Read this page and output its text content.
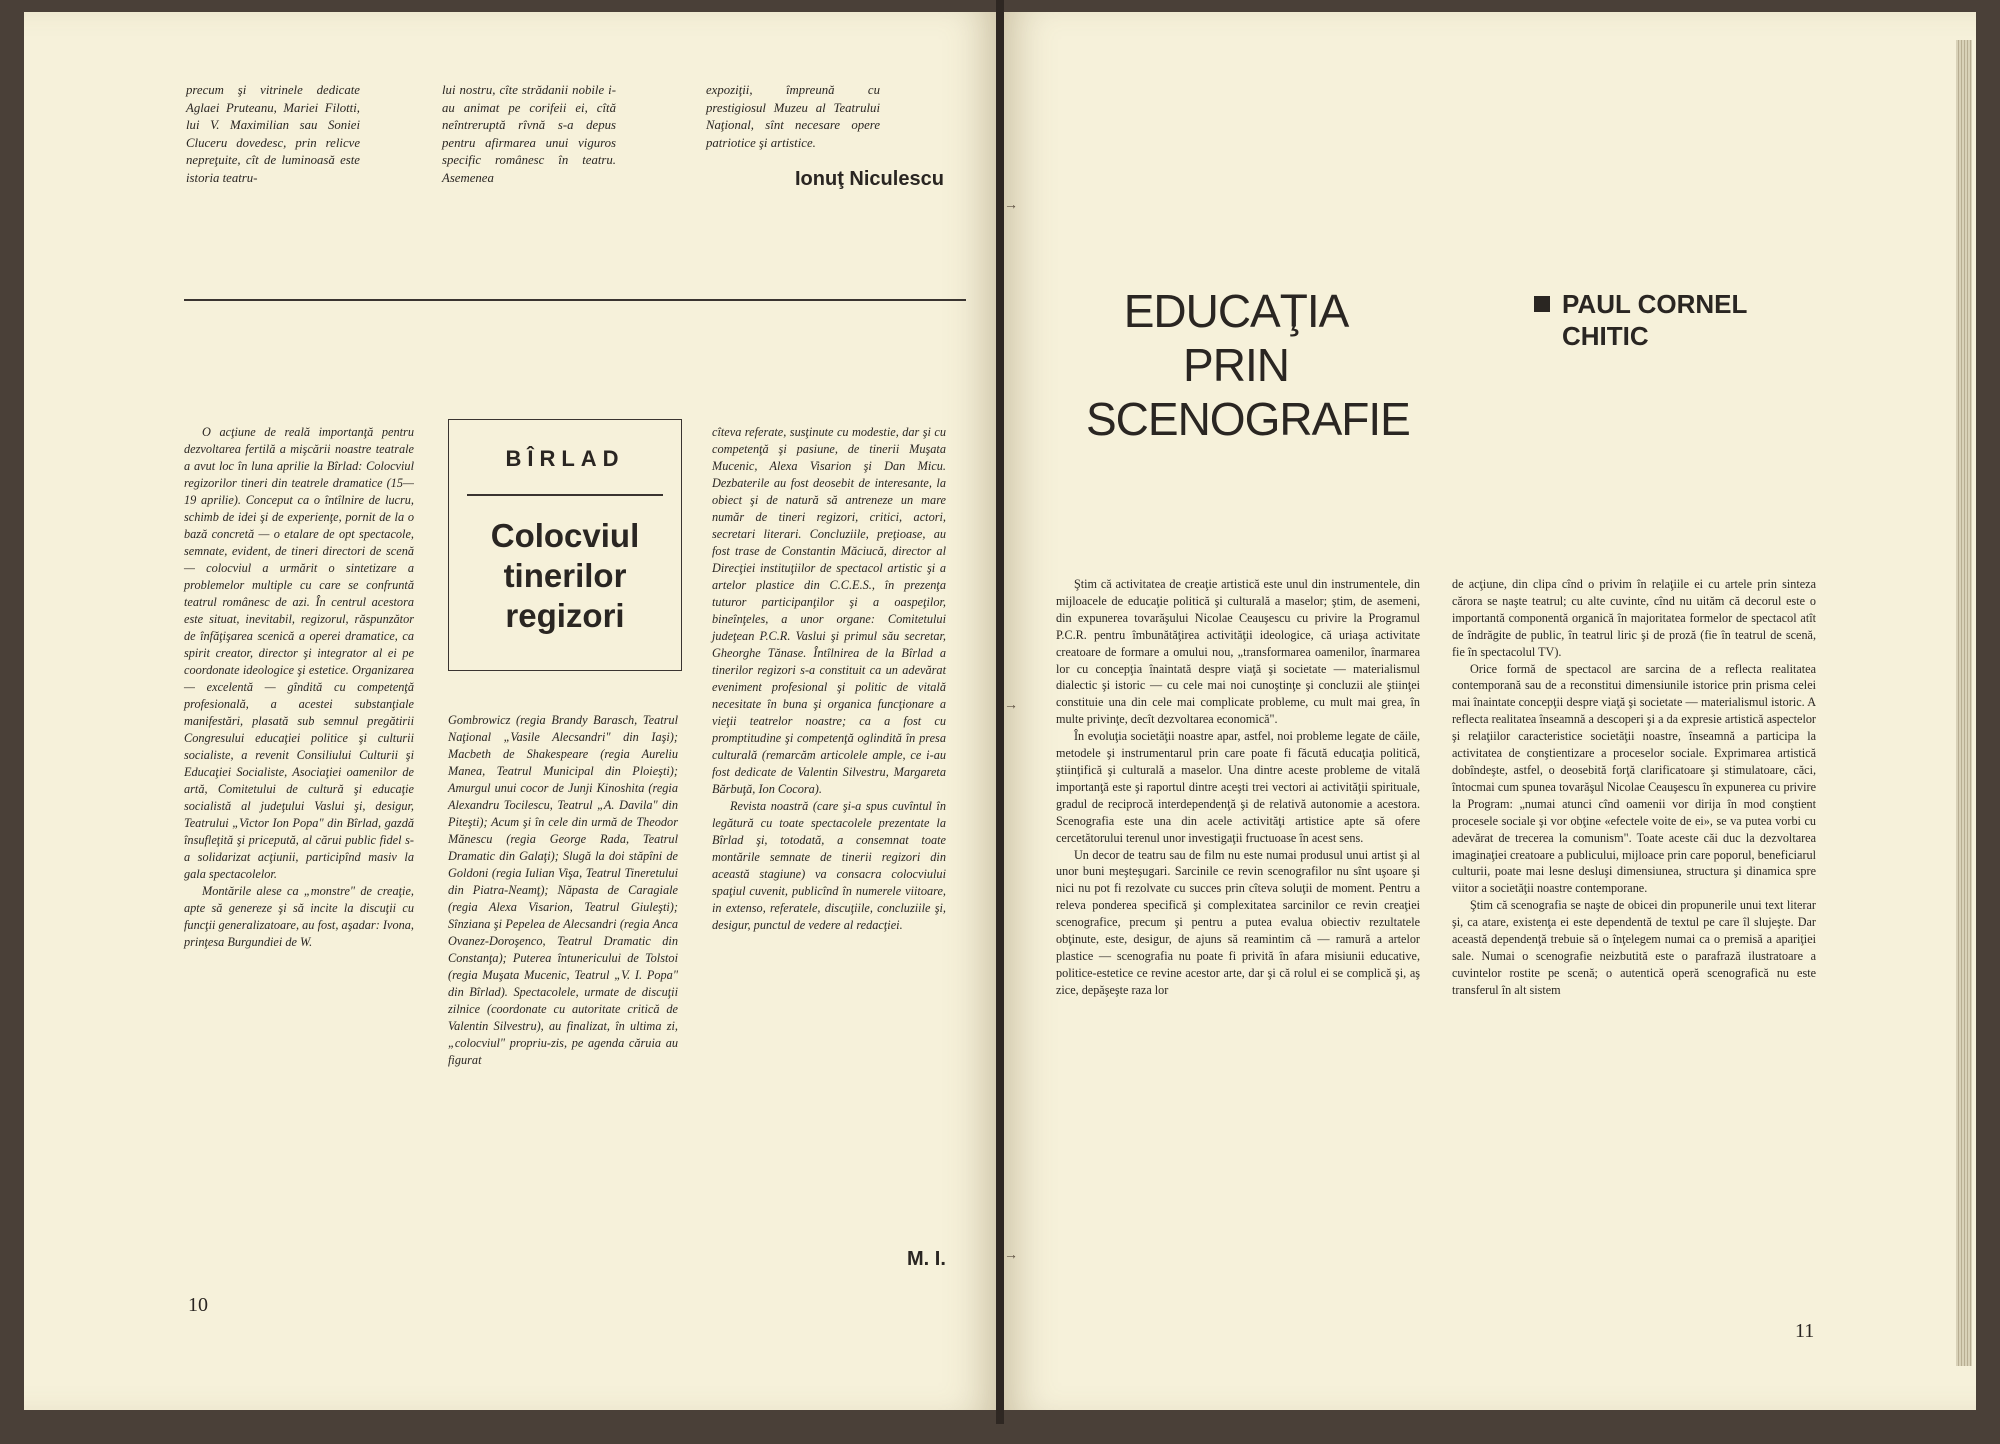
precum şi vitrinele dedicate Aglaei Pruteanu, Mariei Filotti, lui V. Maximilian sau Soniei Cluceru dovedesc, prin relicve nepreţuite, cît de luminoasă este istoria teatru-

lui nostru, cîte strădanii nobile i-au animat pe corifeii ei, cîtă neîntreruptă rîvnă s-a depus pentru afirmarea unui viguros specific românesc în teatru. Asemenea

expoziţii, împreună cu prestigiosul Muzeu al Teatrului Naţional, sînt necesare opere patriotice şi artistice.

Ionuţ Niculescu

O acţiune de reală importanţă pentru dezvoltarea fertilă a mişcării noastre teatrale a avut loc în luna aprilie la Bîrlad: Colocviul regizorilor tineri din teatrele dramatice (15—19 aprilie). Conceput ca o întîlnire de lucru, schimb de idei şi de experienţe, pornit de la o bază concretă — o etalare de opt spectacole, semnate, evident, de tineri directori de scenă — colocviul a urmărit o sintetizare a problemelor multiple cu care se confruntă teatrul românesc de azi. În centrul acestora este situat, inevitabil, regizorul, răspunzător de înfăţişarea scenică a operei dramatice, ca spirit creator, director şi integrator al ei pe coordonate ideologice şi estetice. Organizarea — excelentă — gîndită cu competenţă profesională, a acestei substanţiale manifestări, plasată sub semnul pregătirii Congresului educaţiei politice şi culturii socialiste, a revenit Consiliului Culturii şi Educaţiei Socialiste, Asociaţiei oamenilor de artă, Comitetului de cultură şi educaţie socialistă al judeţului Vaslui şi, desigur, Teatrului „Victor Ion Popa" din Bîrlad, gazdă însufleţită şi pricepută, al cărui public fidel s-a solidarizat acţiunii, participînd masiv la gala spectacolelor.

Montările alese ca „monstre" de creaţie, apte să genereze şi să incite la discuţii cu funcţii generalizatoare, au fost, aşadar: Ivona, prinţesa Burgundiei de W.

BÎRLAD
Colocviul
tinerilor
regizori

Gombrowicz (regia Brandy Barasch, Teatrul Naţional „Vasile Alecsandri" din Iaşi); Macbeth de Shakespeare (regia Aureliu Manea, Teatrul Municipal din Ploieşti); Amurgul unui cocor de Junji Kinoshita (regia Alexandru Tocilescu, Teatrul „A. Davila" din Piteşti); Acum şi în cele din urmă de Theodor Mănescu (regia George Rada, Teatrul Dramatic din Galaţi); Slugă la doi stăpîni de Goldoni (regia Iulian Vişa, Teatrul Tineretului din Piatra-Neamţ); Năpasta de Caragiale (regia Alexa Visarion, Teatrul Giuleşti); Sînziana şi Pepelea de Alecsandri (regia Anca Ovanez-Doroşenco, Teatrul Dramatic din Constanţa); Puterea întunericului de Tolstoi (regia Muşata Mucenic, Teatrul „V. I. Popa" din Bîrlad). Spectacolele, urmate de discuţii zilnice (coordonate cu autoritate critică de Valentin Silvestru), au finalizat, în ultima zi, „colocviul" propriu-zis, pe agenda căruia au figurat

cîteva referate, susţinute cu modestie, dar şi cu competenţă şi pasiune, de tinerii Muşata Mucenic, Alexa Visarion şi Dan Micu. Dezbaterile au fost deosebit de interesante, la obiect şi de natură să antreneze un mare număr de tineri regizori, critici, actori, secretari literari. Concluziile, preţioase, au fost trase de Constantin Măciucă, director al Direcţiei instituţiilor de spectacol artistic şi a artelor plastice din C.C.E.S., în prezenţa tuturor participanţilor şi a oaspeţilor, bineînţeles, a unor organe: Comitetului judeţean P.C.R. Vaslui şi primul său secretar, Gheorghe Tănase. Întîlnirea de la Bîrlad a tinerilor regizori s-a constituit ca un adevărat eveniment profesional şi politic de vitală necesitate în buna şi organica funcţionare a vieţii teatrelor noastre; ca a fost cu promptitudine şi competenţă oglindită în presa culturală (remarcăm articolele ample, ce i-au fost dedicate de Valentin Silvestru, Margareta Bărbuţă, Ion Cocora).

Revista noastră (care şi-a spus cuvîntul în legătură cu toate spectacolele prezentate la Bîrlad şi, totodată, a consemnat toate montările semnate de tinerii regizori din această stagiune) va consacra colocviului spaţiul cuvenit, publicînd în numerele viitoare, in extenso, referatele, discuţiile, concluziile şi, desigur, punctul de vedere al redacţiei.

M. I.
10
→
→
→
EDUCAŢIA
PRIN
SCENOGRAFIE
PAUL CORNEL
CHITIC

Ştim că activitatea de creaţie artistică este unul din instrumentele, din mijloacele de educaţie politică şi culturală a maselor; ştim, de asemeni, din expunerea tovarăşului Nicolae Ceauşescu cu privire la Programul P.C.R. pentru îmbunătăţirea activităţii ideologice, că uriaşa activitate creatoare de formare a omului nou, „transformarea oamenilor, înarmarea lor cu concepţia înaintată despre viaţă şi societate — materialismul dialectic şi istoric — cu cele mai noi cunoştinţe şi concluzii ale ştiinţei constituie una din cele mai complicate probleme, cu mult mai grea, în multe privinţe, decît dezvoltarea economică".

În evoluţia societăţii noastre apar, astfel, noi probleme legate de căile, metodele şi instrumentarul prin care poate fi făcută educaţia politică, ştiinţifică şi culturală a maselor. Una dintre aceste probleme de vitală importanţă este şi raportul dintre aceşti trei vectori ai activităţii spirituale, gradul de reciprocă interdependenţă şi de relativă autonomie a acestora. Scenografia este una din acele activităţi artistice apte să ofere cercetătorului terenul unor investigaţii fructuoase în acest sens.

Un decor de teatru sau de film nu este numai produsul unui artist şi al unor buni meşteşugari. Sarcinile ce revin scenografilor nu sînt uşoare şi nici nu pot fi rezolvate cu succes prin cîteva soluţii de moment. Pentru a releva ponderea specifică şi complexitatea sarcinilor ce revin creaţiei scenografice, precum şi pentru a putea evalua obiectiv rezultatele obţinute, este, desigur, de ajuns să reamintim că — ramură a artelor plastice — scenografia nu poate fi privită în afara misiunii educative, politice-estetice ce revine acestor arte, dar şi că rolul ei se complică şi, aş zice, depăşeşte raza lor

de acţiune, din clipa cînd o privim în relaţiile ei cu artele prin sinteza cărora se naşte teatrul; cu alte cuvinte, cînd nu uităm că decorul este o importantă componentă organică în majoritatea formelor de spectacol atît de îndrăgite de public, în teatrul liric şi de proză (fie în teatrul de scenă, fie în spectacolul TV).

Orice formă de spectacol are sarcina de a reflecta realitatea contemporană sau de a reconstitui dimensiunile istorice prin prisma celei mai înaintate concepţii despre viaţă şi societate — materialismul istoric. A reflecta realitatea înseamnă a descoperi şi a da expresie artistică aspectelor şi relaţiilor caracteristice societăţii noastre, înseamnă a participa la activitatea de conştientizare a proceselor sociale. Exprimarea artistică dobîndeşte, astfel, o deosebită forţă clarificatoare şi stimulatoare, căci, întocmai cum spunea tovarăşul Nicolae Ceauşescu în expunerea cu privire la Program: „numai atunci cînd oamenii vor dirija în mod conştient procesele sociale şi vor obţine «efectele voite de ei», se va putea vorbi cu adevărat de trecerea la comunism". Toate aceste căi duc la dezvoltarea imaginaţiei creatoare a publicului, mijloace prin care poporul, beneficiarul culturii, poate mai lesne desluşi dimensiunea, structura şi dinamica spre viitor a societăţii noastre contemporane.

Ştim că scenografia se naşte de obicei din propunerile unui text literar şi, ca atare, existenţa ei este dependentă de textul pe care îl slujeşte. Dar această dependenţă trebuie să o înţelegem numai ca o premisă a apariţiei sale. Numai o scenografie neizbutită este o parafrază ilustratoare a cuvintelor rostite pe scenă; o autentică operă scenografică nu este transferul în alt sistem

11
